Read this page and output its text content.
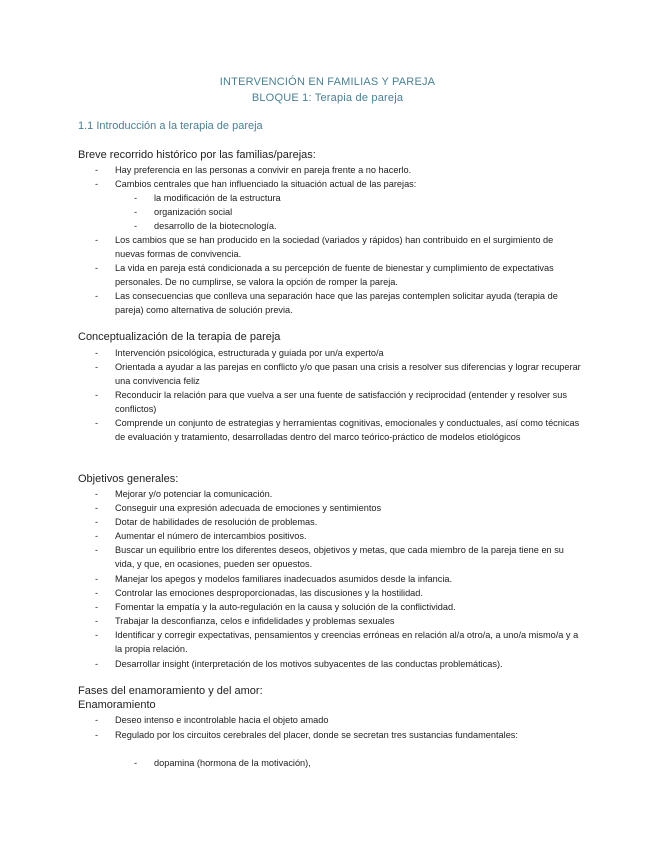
INTERVENCIÓN EN FAMILIAS Y PAREJA
BLOQUE 1: Terapia de pareja
1.1 Introducción a la terapia de pareja
Breve recorrido histórico por las familias/parejas:
- Hay preferencia en las personas a convivir en pareja frente a no hacerlo.
- Cambios centrales que han influenciado la situación actual de las parejas:
- la modificación de la estructura
- organización social
- desarrollo de la biotecnología.
- Los cambios que se han producido en la sociedad (variados y rápidos) han contribuido en el surgimiento de nuevas formas de convivencia.
- La vida en pareja está condicionada a su percepción de fuente de bienestar y cumplimiento de expectativas personales. De no cumplirse, se valora la opción de romper la pareja.
- Las consecuencias que conlleva una separación hace que las parejas contemplen solicitar ayuda (terapia de pareja) como alternativa de solución previa.
Conceptualización de la terapia de pareja
- Intervención psicológica, estructurada y guiada por un/a experto/a
- Orientada a ayudar a las parejas en conflicto y/o que pasan una crisis a resolver sus diferencias y lograr recuperar una convivencia feliz
- Reconducir la relación para que vuelva a ser una fuente de satisfacción y reciprocidad (entender y resolver sus conflictos)
- Comprende un conjunto de estrategias y herramientas cognitivas, emocionales y conductuales, así como técnicas de evaluación y tratamiento, desarrolladas dentro del marco teórico-práctico de modelos etiológicos
Objetivos generales:
- Mejorar y/o potenciar la comunicación.
- Conseguir una expresión adecuada de emociones y sentimientos
- Dotar de habilidades de resolución de problemas.
- Aumentar el número de intercambios positivos.
- Buscar un equilibrio entre los diferentes deseos, objetivos y metas, que cada miembro de la pareja tiene en su vida, y que, en ocasiones, pueden ser opuestos.
- Manejar los apegos y modelos familiares inadecuados asumidos desde la infancia.
- Controlar las emociones desproporcionadas, las discusiones y la hostilidad.
- Fomentar la empatía y la auto-regulación en la causa y solución de la conflictividad.
- Trabajar la desconfianza, celos e infidelidades y problemas sexuales
- Identificar y corregir expectativas, pensamientos y creencias erróneas en relación al/a otro/a, a uno/a mismo/a y a la propia relación.
- Desarrollar insight (interpretación de los motivos subyacentes de las conductas problemáticas).
Fases del enamoramiento y del amor:
Enamoramiento
- Deseo intenso e incontrolable hacia el objeto amado
- Regulado por los circuitos cerebrales del placer, donde se secretan tres sustancias fundamentales:
- dopamina (hormona de la motivación),
